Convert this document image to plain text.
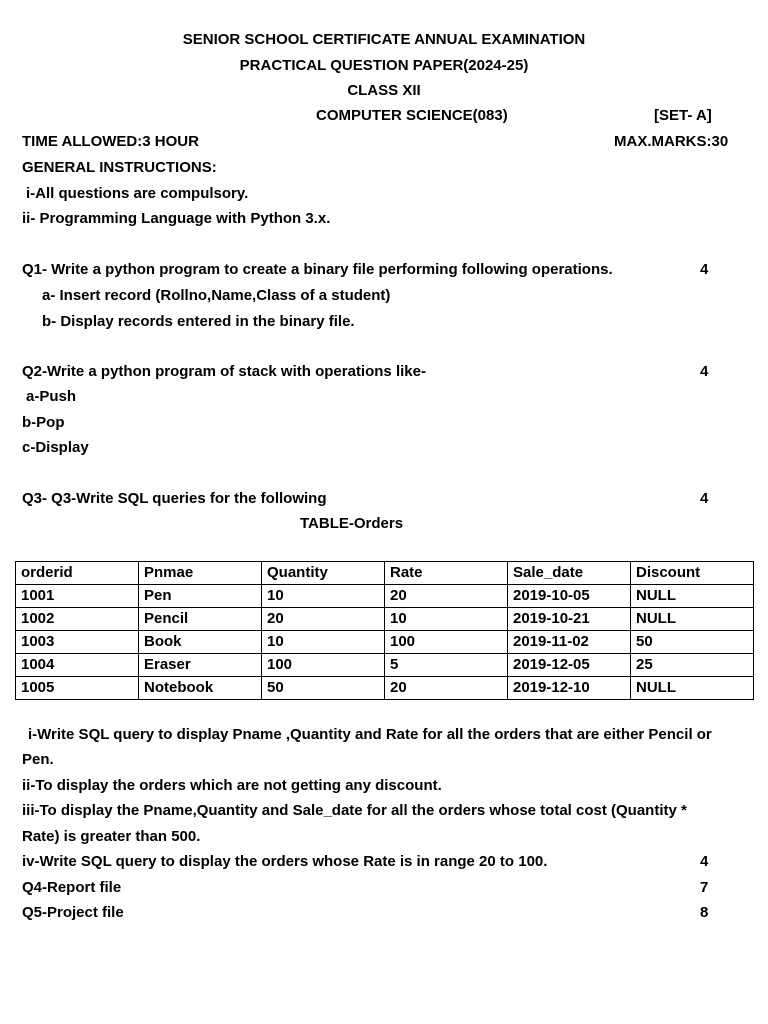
SENIOR SCHOOL CERTIFICATE ANNUAL EXAMINATION
PRACTICAL QUESTION PAPER(2024-25)
CLASS XII
COMPUTER SCIENCE(083)	[SET- A]
TIME ALLOWED:3 HOUR	MAX.MARKS:30
GENERAL INSTRUCTIONS:
i-All questions are compulsory.
ii- Programming Language with Python 3.x.
Q1- Write a python program to create a binary file performing following operations.	4
a- Insert record (Rollno,Name,Class of a student)
b- Display records entered in the binary file.
Q2-Write a python program of stack with operations like-	4
a-Push
b-Pop
c-Display
Q3- Q3-Write SQL queries for the following	4
TABLE-Orders
orderid	Pnmae	Quantity	Rate	Sale_date	Discount
1001	Pen	10	20	2019-10-05	NULL
1002	Pencil	20	10	2019-10-21	NULL
1003	Book	10	100	2019-11-02	50
1004	Eraser	100	5	2019-12-05	25
1005	Notebook	50	20	2019-12-10	NULL
i-Write SQL query to display Pname ,Quantity and Rate for all the orders that are either Pencil or
Pen.
ii-To display the orders which are not getting any discount.
iii-To display the Pname,Quantity and Sale_date for all the orders whose total cost (Quantity *
Rate) is greater than 500.
iv-Write SQL query to display the orders whose Rate is in range 20 to 100.	4
Q4-Report file	7
Q5-Project file	8
